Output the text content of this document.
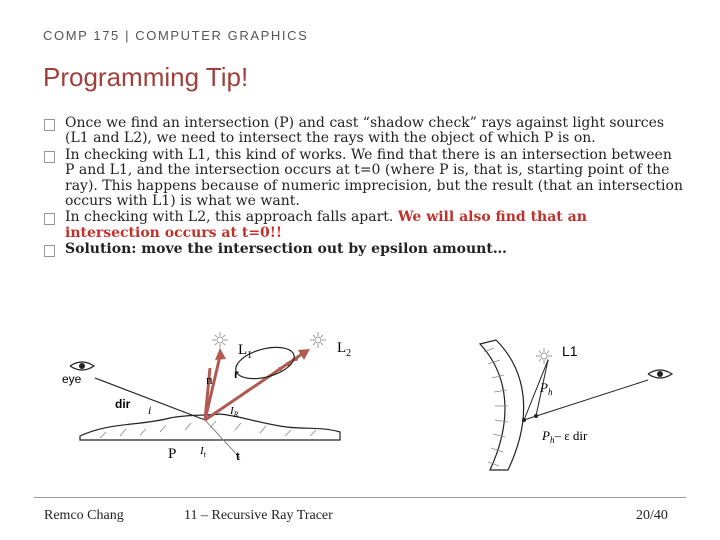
COMP 175 | COMPUTER GRAPHICS
Programming Tip!
Once we find an intersection (P) and cast “shadow check” rays against light sources (L1 and L2), we need to intersect the rays with the object of which P is on.
In checking with L1, this kind of works. We find that there is an intersection between P and L1, and the intersection occurs at t=0 (where P is, that is, starting point of the ray). This happens because of numeric imprecision, but the result (that an intersection occurs with L1) is what we want.
In checking with L2, this approach falls apart. We will also find that an intersection occurs at t=0!!
Solution: move the intersection out by epsilon amount…
eye
dir i	$I_R$
$I_t$	t
n r
$L_1$	$L_2$
P
L1
$P_h$
$P_h-$ ε dir
Remco Chang	11 – Recursive Ray Tracer	20/40
